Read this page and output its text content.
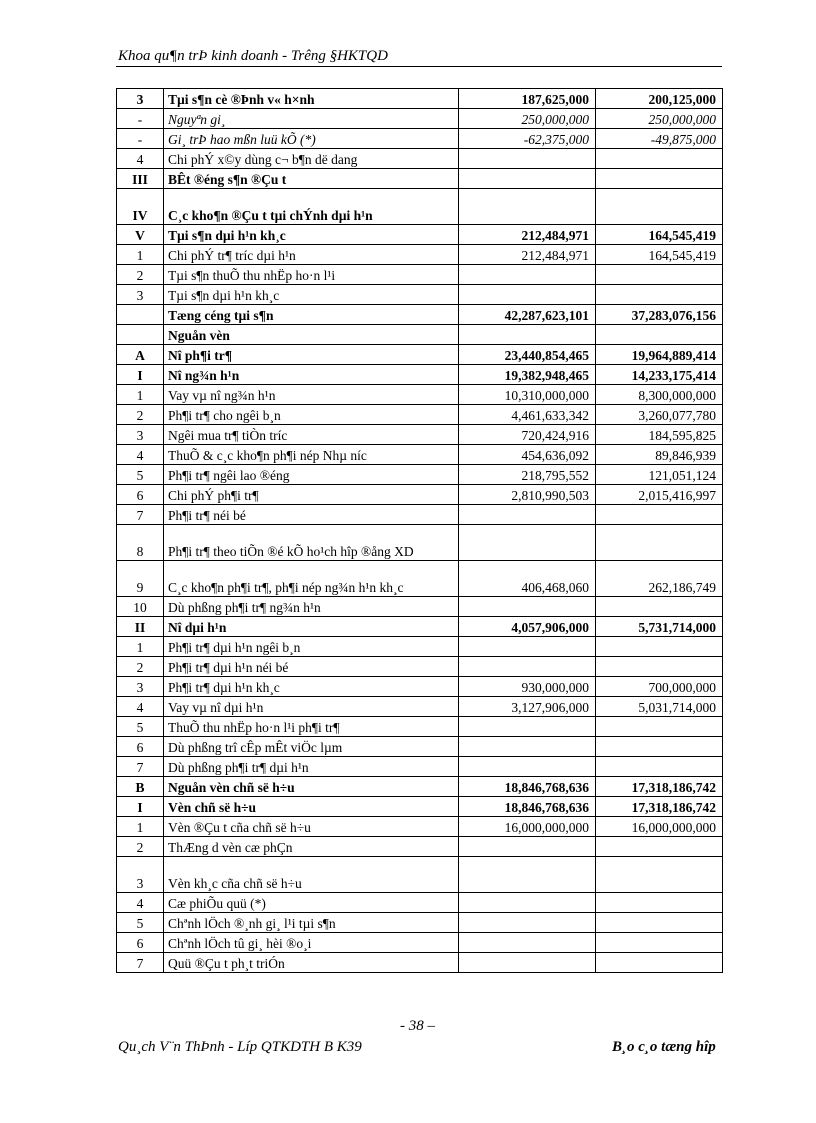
Khoa qu¶n trÞ kinh doanh - Trêng §HKTQD
3	Tµi s¶n cè ®Þnh v« h×nh	187,625,000	200,125,000
-	Nguyªn gi¸	250,000,000	250,000,000
-	Gi¸ trÞ hao mßn luü kÕ (*)	-62,375,000	-49,875,000
4	Chi phÝ x©y dùng c¬ b¶n dë dang		
III	BÊt ®éng s¶n ®Çu t		
IV	C¸c kho¶n ®Çu t tµi chÝnh dµi h¹n		
V	Tµi s¶n dµi h¹n kh¸c	212,484,971	164,545,419
1	Chi phÝ tr¶ tríc dµi h¹n	212,484,971	164,545,419
2	Tµi s¶n thuÕ thu nhËp ho·n l¹i		
3	Tµi s¶n dµi h¹n kh¸c		
	Tæng céng tµi s¶n	42,287,623,101	37,283,076,156
	Nguån vèn		
A	Nî ph¶i tr¶	23,440,854,465	19,964,889,414
I	Nî ng¾n h¹n	19,382,948,465	14,233,175,414
1	Vay vµ nî ng¾n h¹n	10,310,000,000	8,300,000,000
2	Ph¶i tr¶ cho ngêi b¸n	4,461,633,342	3,260,077,780
3	Ngêi mua tr¶ tiÒn tríc	720,424,916	184,595,825
4	ThuÕ & c¸c kho¶n ph¶i nép Nhµ níc	454,636,092	89,846,939
5	Ph¶i tr¶ ngêi lao ®éng	218,795,552	121,051,124
6	Chi phÝ ph¶i tr¶	2,810,990,503	2,015,416,997
7	Ph¶i tr¶ néi bé		
8	Ph¶i tr¶ theo tiÕn ®é kÕ ho¹ch hîp ®ång XD		
9	C¸c kho¶n ph¶i tr¶, ph¶i nép ng¾n h¹n kh¸c	406,468,060	262,186,749
10	Dù phßng ph¶i tr¶ ng¾n h¹n		
II	Nî dµi h¹n	4,057,906,000	5,731,714,000
1	Ph¶i tr¶ dµi h¹n ngêi b¸n		
2	Ph¶i tr¶ dµi h¹n néi bé		
3	Ph¶i tr¶ dµi h¹n kh¸c	930,000,000	700,000,000
4	Vay vµ nî dµi h¹n	3,127,906,000	5,031,714,000
5	ThuÕ thu nhËp ho·n l¹i ph¶i tr¶		
6	Dù phßng trî cÊp mÊt viÖc lµm		
7	Dù phßng ph¶i tr¶ dµi h¹n		
B	Nguån vèn chñ së h÷u	18,846,768,636	17,318,186,742
I	Vèn chñ së h÷u	18,846,768,636	17,318,186,742
1	Vèn ®Çu t cña chñ së h÷u	16,000,000,000	16,000,000,000
2	ThÆng d vèn cæ phÇn		
3	Vèn kh¸c cña chñ së h÷u		
4	Cæ phiÕu quü (*)		
5	Chªnh lÖch ®¸nh gi¸ l¹i tµi s¶n		
6	Chªnh lÖch tû gi¸ hèi ®o¸i		
7	Quü ®Çu t ph¸t triÓn		
- 38 –
Qu¸ch V¨n ThÞnh - Líp QTKDTH B K39	B¸o c¸o tæng hîp
